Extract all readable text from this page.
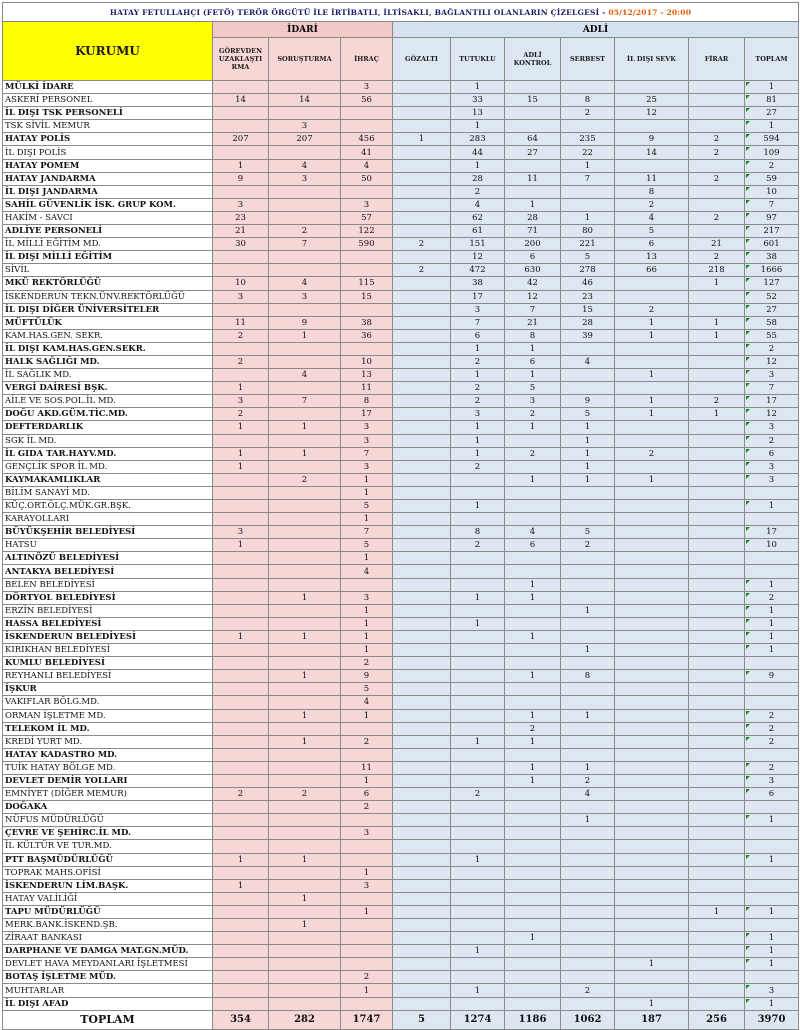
HATAY FETULLAHÇI (FETÖ) TERÖR ÖRGÜTÜ İLE İRTİBATLI, İLTİSAKLI, BAĞLANTILI OLANLARIN ÇİZELGESİ - 05/12/2017 - 20:00										
KURUMU	İDARİ			ADLİ						
	GÖREVDEN UZAKLAŞTI RMA	SORUŞTURMA	İHRAÇ	GÖZALTI	TUTUKLU	ADLİ KONTROL	SERBEST	İL DIŞI SEVK	FİRAR	TOPLAM
MÜLKİ İDARE			3		1					1
ASKERİ PERSONEL	14	14	56		33	15	8	25		81
İL DIŞI TSK PERSONELİ					13		2	12		27
TSK SİVİL MEMUR		3			1					1
HATAY POLİS	207	207	456	1	283	64	235	9	2	594
İL DIŞI POLİS			41		44	27	22	14	2	109
HATAY POMEM	1	4	4		1		1			2
HATAY JANDARMA	9	3	50		28	11	7	11	2	59
İL DIŞI JANDARMA					2			8		10
SAHİL GÜVENLİK İSK. GRUP KOM.	3		3		4	1		2		7
HAKİM - SAVCI	23		57		62	28	1	4	2	97
ADLİYE PERSONELİ	21	2	122		61	71	80	5		217
İL MİLLİ EĞİTİM MD.	30	7	590	2	151	200	221	6	21	601
İL DIŞI MİLLİ EĞİTİM					12	6	5	13	2	38
SİVİL				2	472	630	278	66	218	1666
MKÜ REKTÖRLÜĞÜ	10	4	115		38	42	46		1	127
İSKENDERUN TEKN.ÜNV.REKTÖRLÜĞÜ	3	3	15		17	12	23			52
İL DIŞI DİĞER ÜNİVERSİTELER					3	7	15	2		27
MÜFTÜLÜK	11	9	38		7	21	28	1	1	58
KAM.HAS.GEN. SEKR.	2	1	36		6	8	39	1	1	55
İL DIŞI KAM.HAS.GEN.SEKR.					1	1				2
HALK SAĞLIĞI MD.	2		10		2	6	4			12
İL SAĞLIK MD.		4	13		1	1		1		3
VERGİ DAİRESİ BŞK.	1		11		2	5				7
AİLE VE SOS.POL.İL MD.	3	7	8		2	3	9	1	2	17
DOĞU AKD.GÜM.TİC.MD.	2		17		3	2	5	1	1	12
DEFTERDARLIK	1	1	3		1	1	1			3
SGK İL MD.			3		1		1			2
İL GIDA TAR.HAYV.MD.	1	1	7		1	2	1	2		6
GENÇLİK SPOR İL MD.	1		3		2		1			3
KAYMAKAMLIKLAR		2	1			1	1	1		3
BİLİM SANAYİ MD.			1							
KÜÇ.ORT.ÖLÇ.MÜK.GR.BŞK.			5		1					1
KARAYOLLARI			1							
BÜYÜKŞEHİR BELEDİYESİ	3		7		8	4	5			17
HATSU	1		5		2	6	2			10
ALTINÖZÜ BELEDİYESİ			1							
ANTAKYA BELEDİYESİ			4							
BELEN BELEDİYESİ						1				1
DÖRTYOL BELEDİYESİ		1	3		1	1				2
ERZİN BELEDİYESİ			1				1			1
HASSA BELEDİYESİ			1		1					1
İSKENDERUN BELEDİYESİ	1	1	1			1				1
KIRIKHAN BELEDİYESİ			1				1			1
KUMLU BELEDİYESİ			2							
REYHANLI BELEDİYESİ		1	9			1	8			9
İŞKUR			5							
VAKIFLAR BÖLG.MD.			4							
ORMAN İŞLETME MD.		1	1			1	1			2
TELEKOM İL MD.						2				2
KREDİ YURT MD.		1	2		1	1				2
HATAY KADASTRO MD.										
TUİK HATAY BÖLGE MD.			11			1	1			2
DEVLET DEMİR YOLLARI			1			1	2			3
EMNİYET (DİĞER MEMUR)	2	2	6		2		4			6
DOĞAKA			2							
NÜFUS MÜDÜRLÜĞÜ							1			1
ÇEVRE VE ŞEHİRC.İL MD.			3							
İL KÜLTÜR VE TUR.MD.										
PTT BAŞMÜDÜRLÜĞÜ	1	1			1					1
TOPRAK MAHS.OFİSİ			1							
İSKENDERUN LİM.BAŞK.	1		3							
HATAY VALİLİĞİ		1								
TAPU MÜDÜRLÜĞÜ			1						1	1
MERK.BANK.İSKEND.ŞB.		1								
ZİRAAT BANKASI						1				1
DARPHANE VE DAMGA MAT.GN.MÜD.					1					1
DEVLET HAVA MEYDANLARI İŞLETMESİ								1		1
BOTAŞ İŞLETME MÜD.			2							
MUHTARLAR			1		1		2			3
İL DIŞI AFAD								1		1
TOPLAM	354	282	1747	5	1274	1186	1062	187	256	3970
